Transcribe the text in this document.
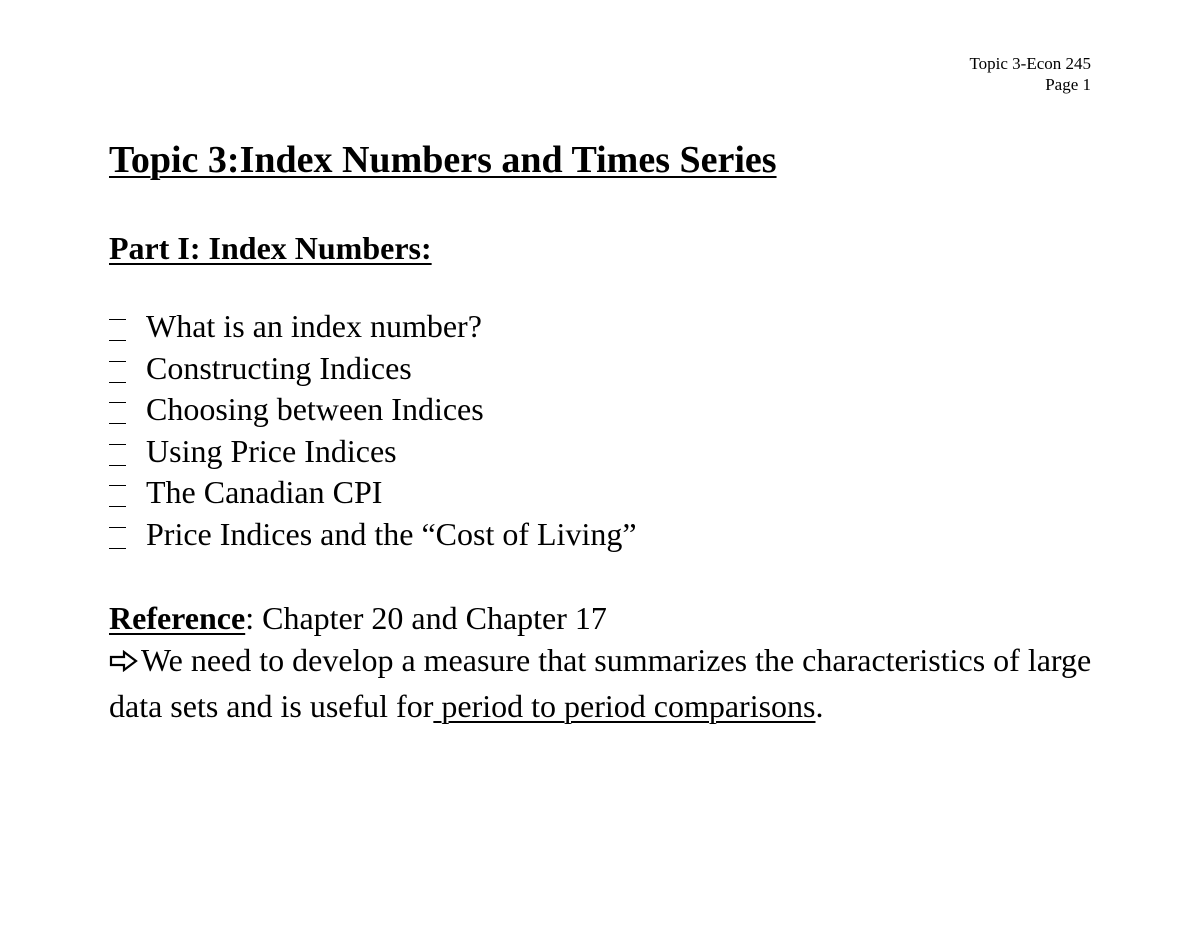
Topic 3-Econ 245
Page 1
Topic 3:Index Numbers and Times Series
Part I: Index Numbers:
What is an index number?
Constructing Indices
Choosing between Indices
Using Price Indices
The Canadian CPI
Price Indices and the “Cost of Living”

Reference: Chapter 20 and Chapter 17
We need to develop a measure that summarizes the characteristics of large data sets and is useful for period to period comparisons.
